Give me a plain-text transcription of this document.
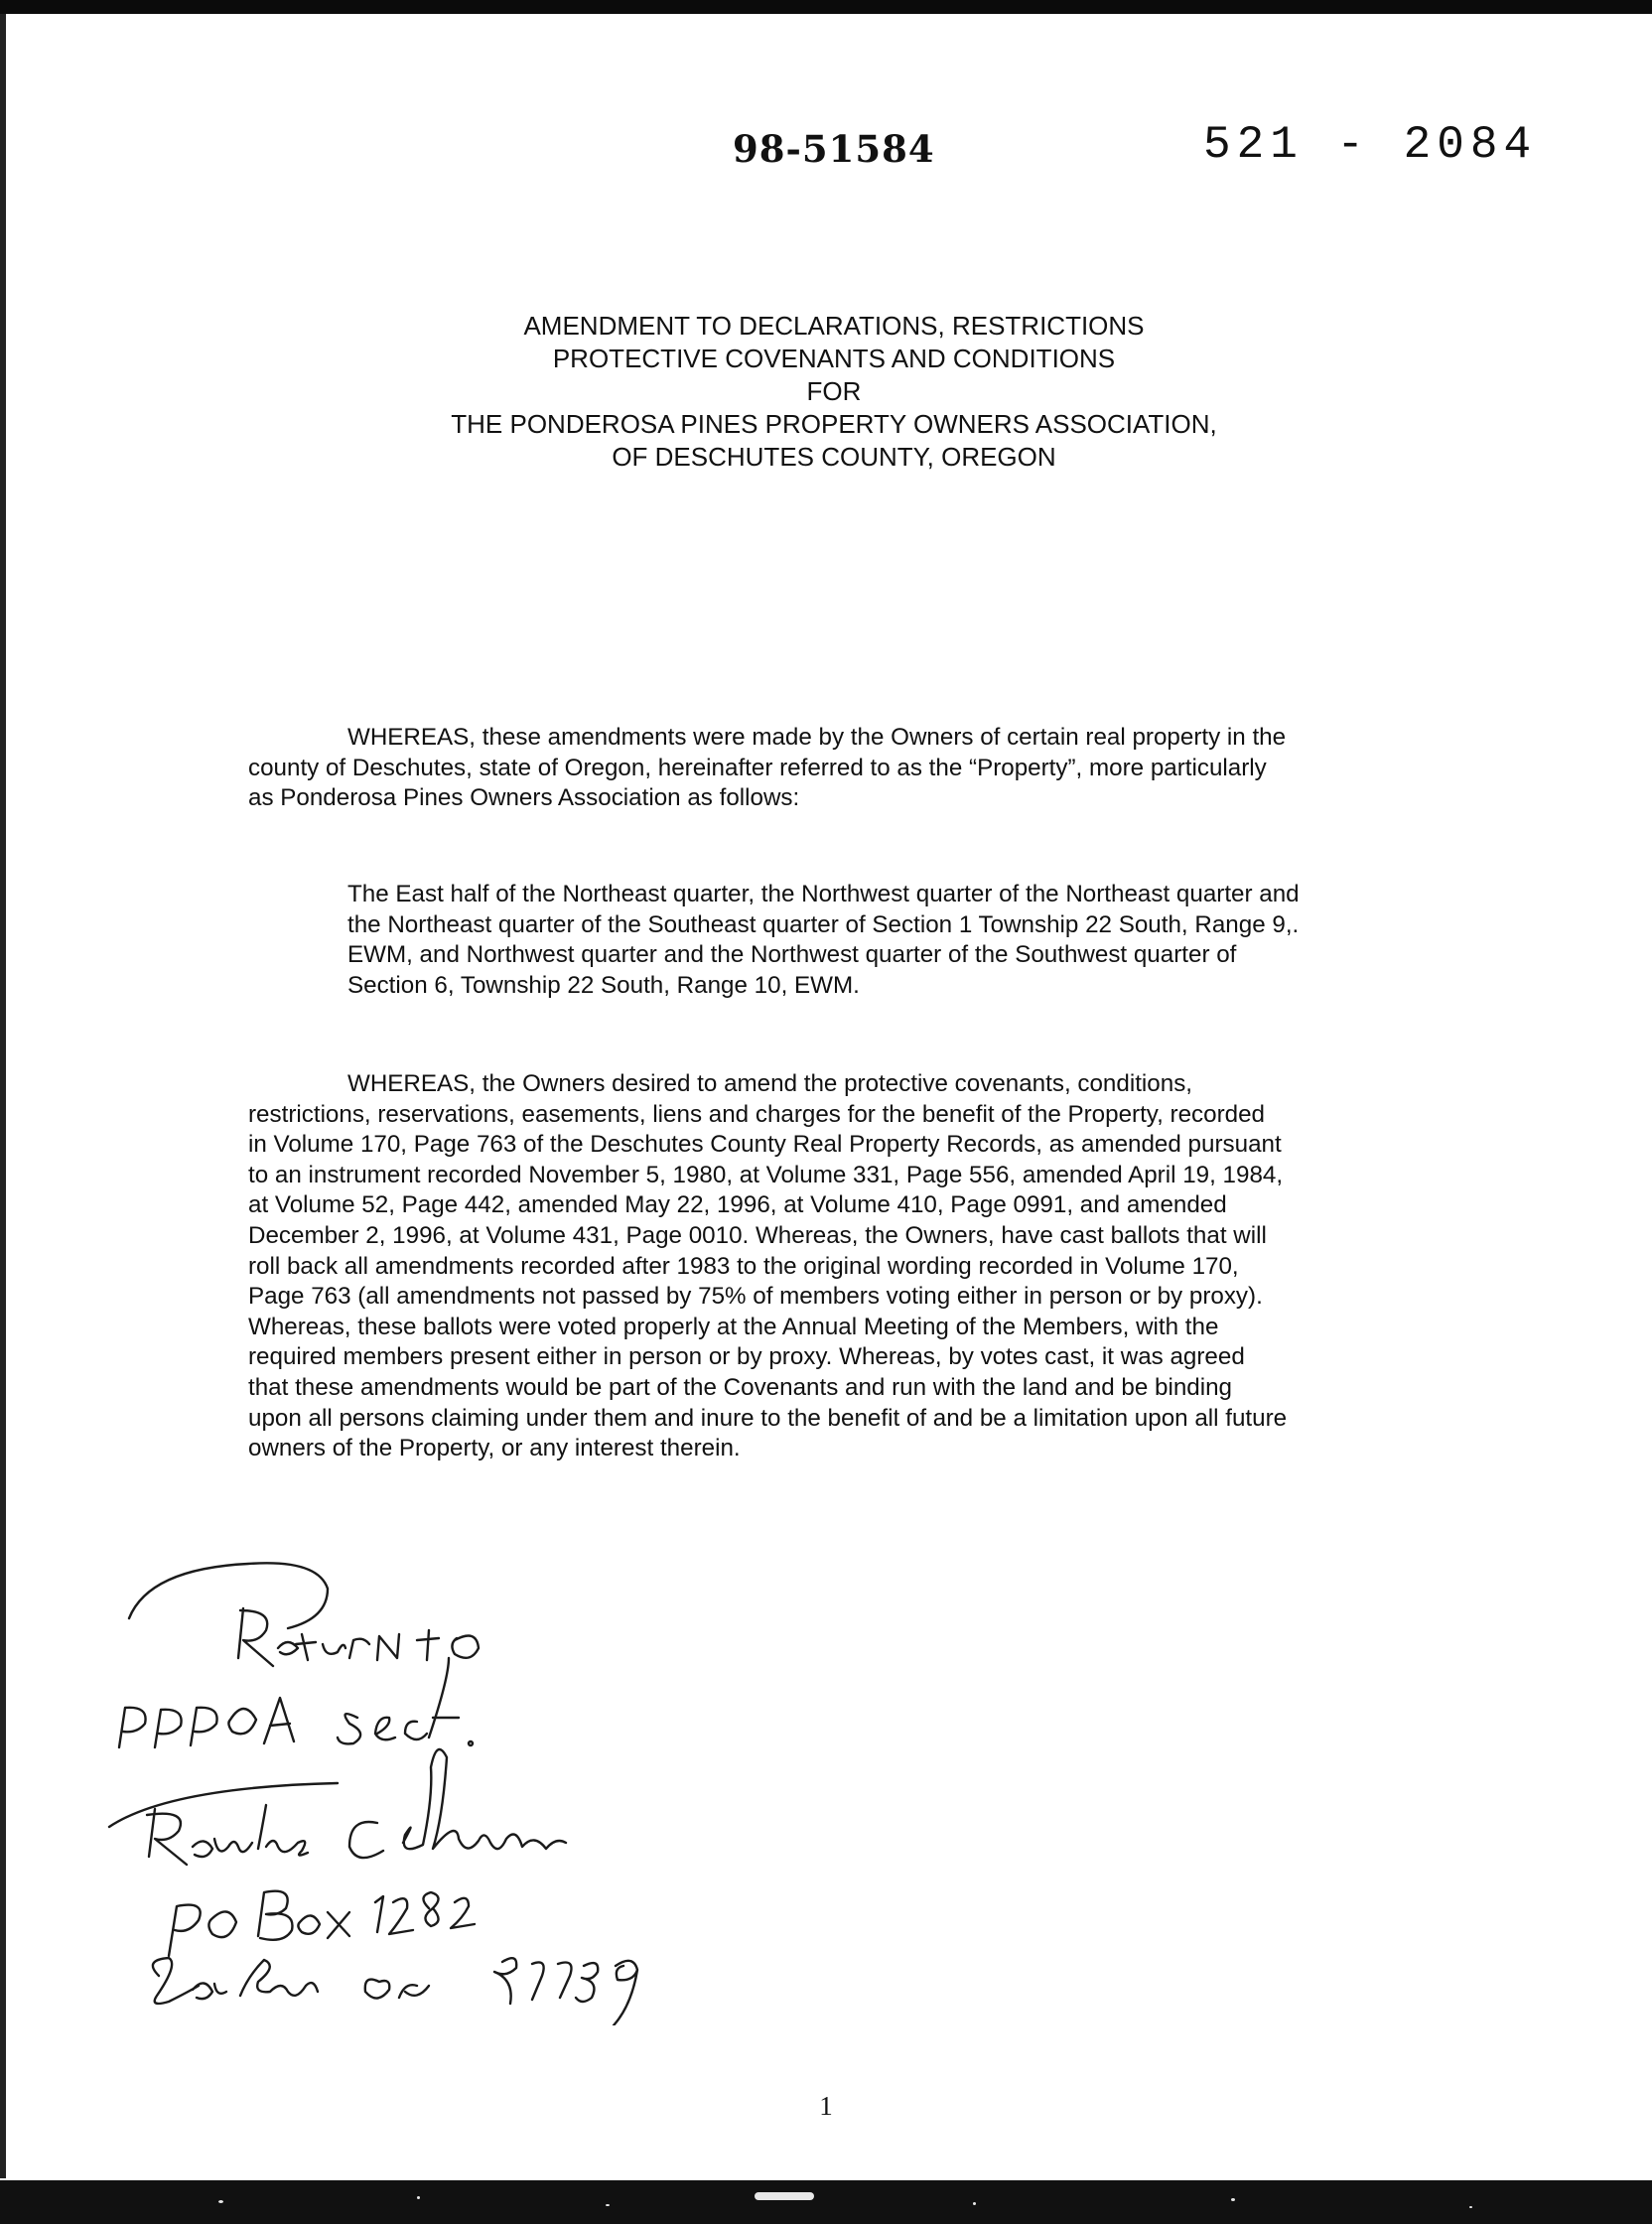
98-51584	521 - 2084
AMENDMENT TO DECLARATIONS, RESTRICTIONS
PROTECTIVE COVENANTS AND CONDITIONS
FOR
THE PONDEROSA PINES PROPERTY OWNERS ASSOCIATION,
OF DESCHUTES COUNTY, OREGON
WHEREAS, these amendments were made by the Owners of certain real property in the
county of Deschutes, state of Oregon, hereinafter referred to as the “Property”, more particularly
as Ponderosa Pines Owners Association as follows:
The East half of the Northeast quarter, the Northwest quarter of the Northeast quarter and
the Northeast quarter of the Southeast quarter of Section 1 Township 22 South, Range 9,.
EWM, and Northwest quarter and the Northwest quarter of the Southwest quarter of
Section 6, Township 22 South, Range 10, EWM.
WHEREAS, the Owners desired to amend the protective covenants, conditions,
restrictions, reservations, easements, liens and charges for the benefit of the Property, recorded
in Volume 170, Page 763 of the Deschutes County Real Property Records, as amended pursuant
to an instrument recorded November 5, 1980, at Volume 331, Page 556, amended April 19, 1984,
at Volume 52, Page 442, amended May 22, 1996, at Volume 410, Page 0991, and amended
December 2, 1996, at Volume 431, Page 0010. Whereas, the Owners, have cast ballots that will
roll back all amendments recorded after 1983 to the original wording recorded in Volume 170,
Page 763 (all amendments not passed by 75% of members voting either in person or by proxy).
Whereas, these ballots were voted properly at the Annual Meeting of the Members, with the
required members present either in person or by proxy. Whereas, by votes cast, it was agreed
that these amendments would be part of the Covenants and run with the land and be binding
upon all persons claiming under them and inure to the benefit of and be a limitation upon all future
owners of the Property, or any interest therein.
1
